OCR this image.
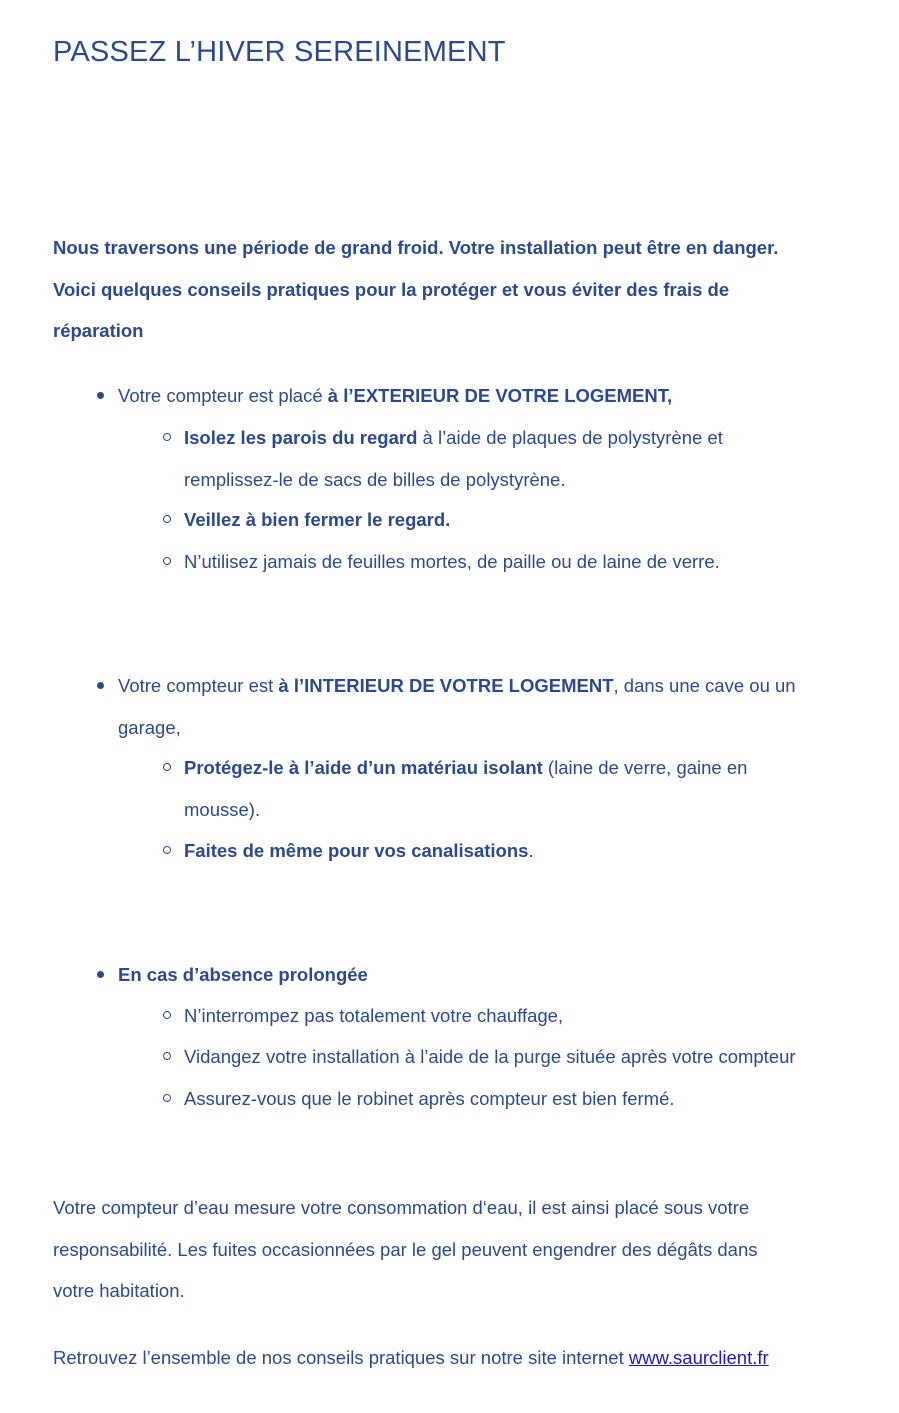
PASSEZ L’HIVER SEREINEMENT
Nous traversons une période de grand froid. Votre installation peut être en danger.
Voici quelques conseils pratiques pour la protéger et vous éviter des frais de
réparation
Votre compteur est placé à l’EXTERIEUR DE VOTRE LOGEMENT,
Isolez les parois du regard à l’aide de plaques de polystyrène et
remplissez-le de sacs de billes de polystyrène.
Veillez à bien fermer le regard.
N’utilisez jamais de feuilles mortes, de paille ou de laine de verre.
Votre compteur est à l’INTERIEUR DE VOTRE LOGEMENT, dans une cave ou un
garage,
Protégez-le à l’aide d’un matériau isolant (laine de verre, gaine en
mousse).
Faites de même pour vos canalisations.
En cas d’absence prolongée
N’interrompez pas totalement votre chauffage,
Vidangez votre installation à l’aide de la purge située après votre compteur
Assurez-vous que le robinet après compteur est bien fermé.
Votre compteur d’eau mesure votre consommation d‘eau, il est ainsi placé sous votre
responsabilité. Les fuites occasionnées par le gel peuvent engendrer des dégâts dans
votre habitation.
Retrouvez l’ensemble de nos conseils pratiques sur notre site internet www.saurclient.fr
